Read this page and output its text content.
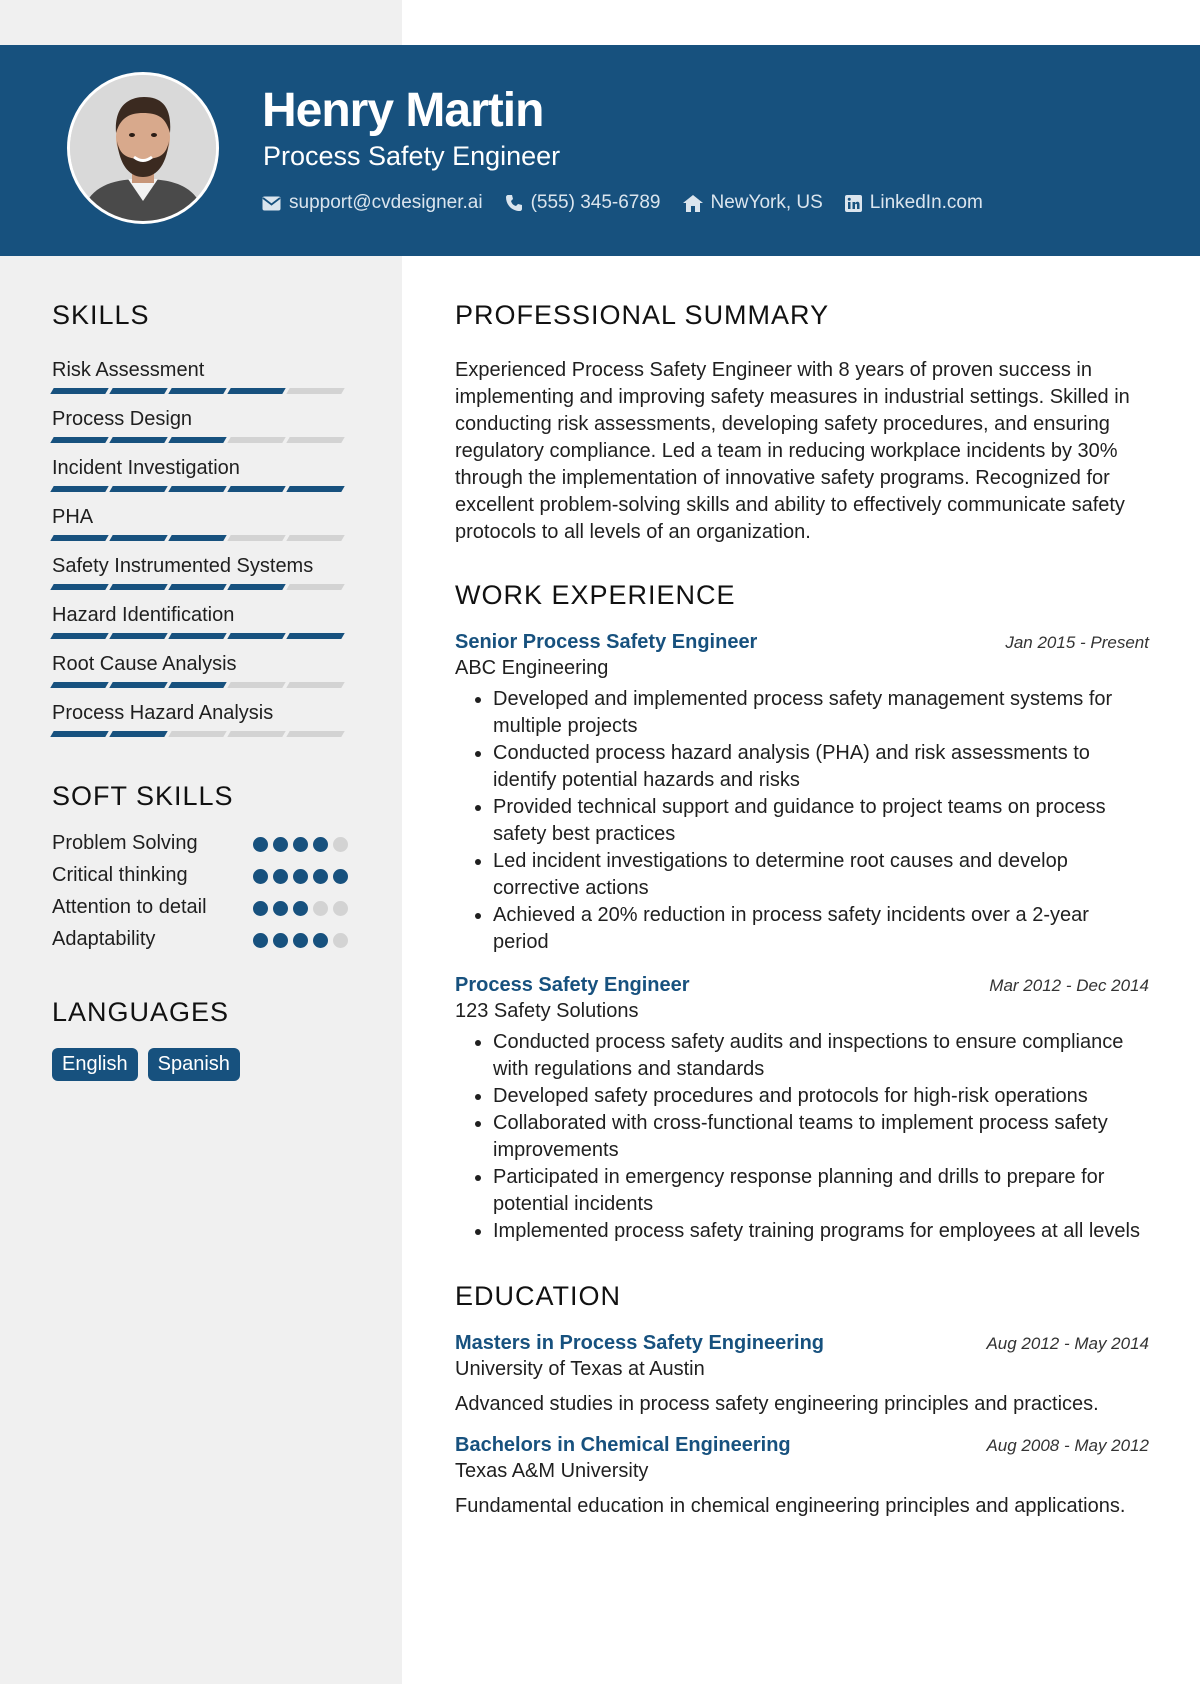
Henry Martin
Process Safety Engineer
support@cvdesigner.ai	(555) 345-6789	NewYork, US LinkedIn.com
SKILLS
Risk Assessment
Process Design
Incident Investigation
PHA
Safety Instrumented Systems
Hazard Identification
Root Cause Analysis
Process Hazard Analysis
SOFT SKILLS
Problem Solving
Critical thinking
Attention to detail
Adaptability
LANGUAGES
English	Spanish
PROFESSIONAL SUMMARY

Experienced Process Safety Engineer with 8 years of proven success in implementing and improving safety measures in industrial settings. Skilled in conducting risk assessments, developing safety procedures, and ensuring regulatory compliance. Led a team in reducing workplace incidents by 30% through the implementation of innovative safety programs. Recognized for excellent problem-solving skills and ability to effectively communicate safety protocols to all levels of an organization.

WORK EXPERIENCE
Senior Process Safety Engineer	Jan 2015 - Present
ABC Engineering
• Developed and implemented process safety management systems for multiple projects
• Conducted process hazard analysis (PHA) and risk assessments to identify potential hazards and risks
• Provided technical support and guidance to project teams on process safety best practices
• Led incident investigations to determine root causes and develop corrective actions
• Achieved a 20% reduction in process safety incidents over a 2-year period
Process Safety Engineer	Mar 2012 - Dec 2014
123 Safety Solutions
• Conducted process safety audits and inspections to ensure compliance with regulations and standards
• Developed safety procedures and protocols for high-risk operations
• Collaborated with cross-functional teams to implement process safety improvements
• Participated in emergency response planning and drills to prepare for potential incidents
• Implemented process safety training programs for employees at all levels
EDUCATION
Masters in Process Safety Engineering	Aug 2012 - May 2014
University of Texas at Austin

Advanced studies in process safety engineering principles and practices.

Bachelors in Chemical Engineering	Aug 2008 - May 2012
Texas A&M University

Fundamental education in chemical engineering principles and applications.
